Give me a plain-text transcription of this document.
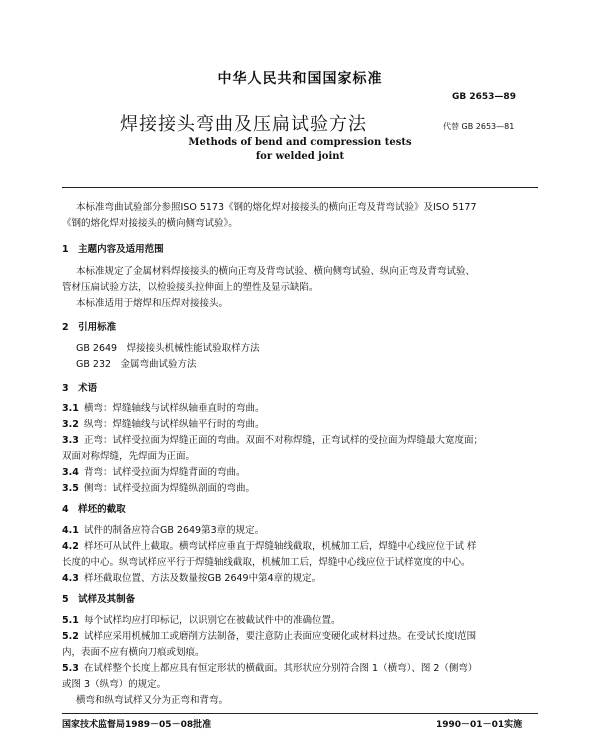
中华人民共和国国家标准
GB 2653—89
焊接接头弯曲及压扁试验方法	代替 GB 2653—81
Methods of bend and compression tests
for welded joint
本标准弯曲试验部分参照ISO 5173《钢的熔化焊对接接头的横向正弯及背弯试验》及ISO 5177
《钢的熔化焊对接接头的横向侧弯试验》。
1　主题内容及适用范围
本标准规定了金属材料焊接接头的横向正弯及背弯试验、横向侧弯试验、纵向正弯及背弯试验、
管材压扁试验方法，以检验接头拉伸面上的塑性及显示缺陷。
本标准适用于熔焊和压焊对接接头。
2　引用标准
GB 2649　焊接接头机械性能试验取样方法
GB 232　金属弯曲试验方法
3　术语
3.1 横弯：焊缝轴线与试样纵轴垂直时的弯曲。
3.2 纵弯：焊缝轴线与试样纵轴平行时的弯曲。
3.3 正弯：试样受拉面为焊缝正面的弯曲。双面不对称焊缝，正弯试样的受拉面为焊缝最大宽度面；
双面对称焊缝，先焊面为正面。
3.4 背弯：试样受拉面为焊缝背面的弯曲。
3.5 侧弯：试样受拉面为焊缝纵剖面的弯曲。
4　样坯的截取
4.1 试件的制备应符合GB 2649第3章的规定。
4.2 样坯可从试件上截取。横弯试样应垂直于焊缝轴线截取，机械加工后，焊缝中心线应位于试 样
长度的中心。纵弯试样应平行于焊缝轴线截取，机械加工后，焊缝中心线应位于试样宽度的中心。
4.3 样坯截取位置、方法及数量按GB 2649中第4章的规定。
5　试样及其制备
5.1 每个试样均应打印标记，以识别它在被截试件中的准确位置。
5.2 试样应采用机械加工或磨削方法制备，要注意防止表面应变硬化或材料过热。在受试长度l范围
内，表面不应有横向刀痕或划痕。
5.3 在试样整个长度上都应具有恒定形状的横截面。其形状应分别符合图 1（横弯）、图 2（侧弯）
或图 3（纵弯）的规定。
横弯和纵弯试样又分为正弯和背弯。
国家技术监督局1989－05－08批准	1990－01－01实施
